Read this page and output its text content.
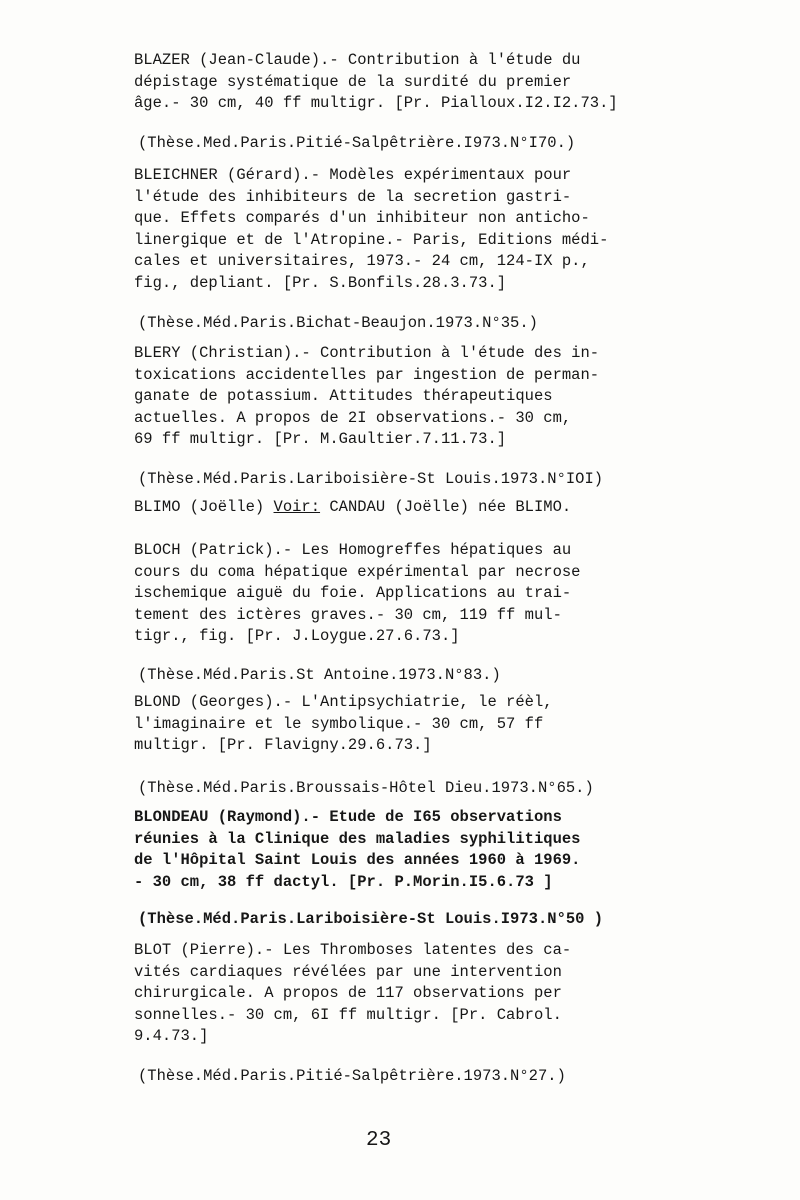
BLAZER (Jean-Claude).- Contribution à l'étude du
dépistage systématique de la surdité du premier
âge.- 30 cm, 40 ff multigr. [Pr. Pialloux.I2.I2.73.]
(Thèse.Med.Paris.Pitié-Salpêtrière.I973.N°I70.)
BLEICHNER (Gérard).- Modèles expérimentaux pour
l'étude des inhibiteurs de la secretion gastri-
que. Effets comparés d'un inhibiteur non anticho-
linergique et de l'Atropine.- Paris, Editions médi-
cales et universitaires, 1973.- 24 cm, 124-IX p.,
fig., depliant. [Pr. S.Bonfils.28.3.73.]
(Thèse.Méd.Paris.Bichat-Beaujon.1973.N°35.)
BLERY (Christian).- Contribution à l'étude des in-
toxications accidentelles par ingestion de perman-
ganate de potassium. Attitudes thérapeutiques
actuelles. A propos de 2I observations.- 30 cm,
69 ff multigr. [Pr. M.Gaultier.7.11.73.]
(Thèse.Méd.Paris.Lariboisière-St Louis.1973.N°IOI)
BLIMO (Joëlle) Voir: CANDAU (Joëlle) née BLIMO.
BLOCH (Patrick).- Les Homogreffes hépatiques au
cours du coma hépatique expérimental par necrose
ischemique aiguë du foie. Applications au trai-
tement des ictères graves.- 30 cm, 119 ff mul-
tigr., fig. [Pr. J.Loygue.27.6.73.]
(Thèse.Méd.Paris.St Antoine.1973.N°83.)
BLOND (Georges).- L'Antipsychiatrie, le réèl,
l'imaginaire et le symbolique.- 30 cm, 57 ff
multigr. [Pr. Flavigny.29.6.73.]
(Thèse.Méd.Paris.Broussais-Hôtel Dieu.1973.N°65.)
BLONDEAU (Raymond).- Etude de I65 observations
réunies à la Clinique des maladies syphilitiques
de l'Hôpital Saint Louis des années 1960 à 1969.
- 30 cm, 38 ff dactyl. [Pr. P.Morin.I5.6.73 ]
(Thèse.Méd.Paris.Lariboisière-St Louis.I973.N°50 )
BLOT (Pierre).- Les Thromboses latentes des ca-
vités cardiaques révélées par une intervention
chirurgicale. A propos de 117 observations per
sonnelles.- 30 cm, 6I ff multigr. [Pr. Cabrol.
9.4.73.]
(Thèse.Méd.Paris.Pitié-Salpêtrière.1973.N°27.)
23
